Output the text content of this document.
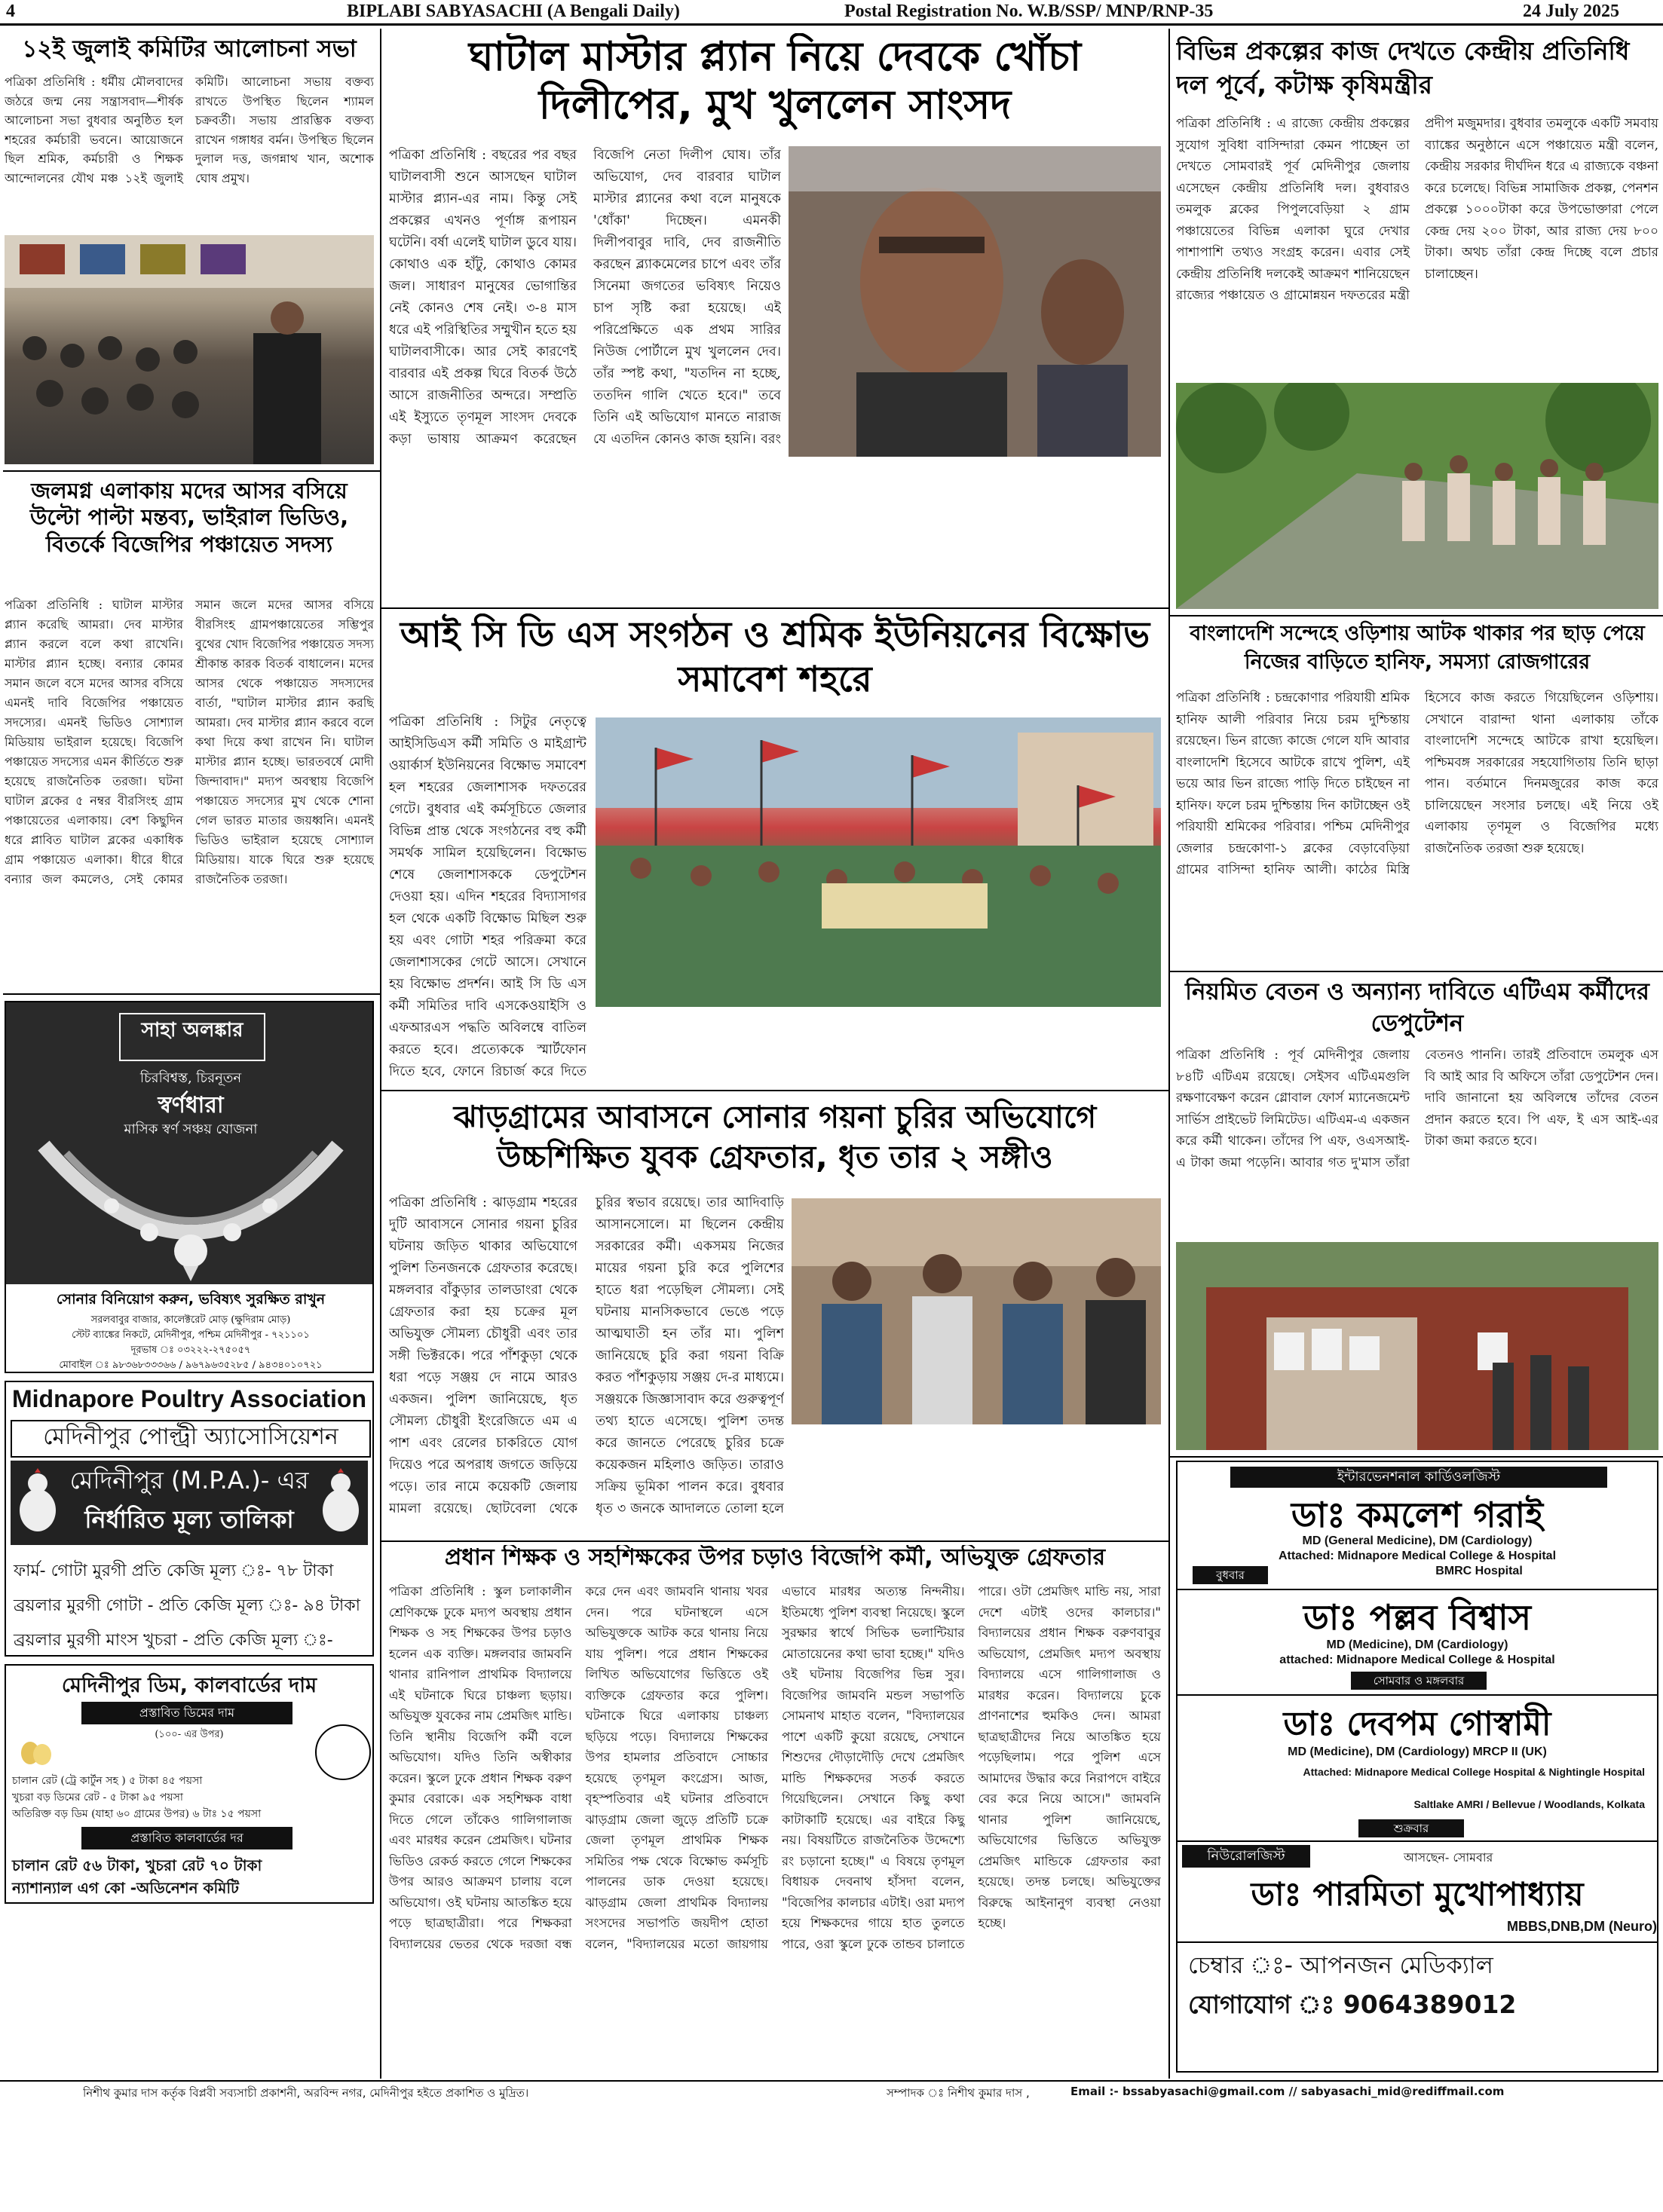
4	BIPLABI SABYASACHI (A Bengali Daily)	Postal Registration No. W.B/SSP/ MNP/RNP-35	24 July 2025
১২ই জুলাই কমিটির আলোচনা সভা
পত্রিকা প্রতিনিধি : ধর্মীয় মৌলবাদের জঠরে জন্ম নেয় সন্ত্রাসবাদ—শীর্ষক আলোচনা সভা বুধবার অনুষ্ঠিত হল শহরের কর্মচারী ভবনে। আয়োজনে ছিল শ্রমিক, কর্মচারী ও শিক্ষক আন্দোলনের যৌথ মঞ্চ ১২ই জুলাই কমিটি। আলোচনা সভায় বক্তব্য রাখতে উপস্থিত ছিলেন শ্যামল চক্রবর্তী। সভায় প্রারম্ভিক বক্তব্য রাখেন গঙ্গাধর বর্মন। উপস্থিত ছিলেন দুলাল দত্ত, জগন্নাথ খান, অশোক ঘোষ প্রমুখ।
জলমগ্ন এলাকায় মদের আসর বসিয়ে উল্টো পাল্টা মন্তব্য, ভাইরাল ভিডিও, বিতর্কে বিজেপির পঞ্চায়েত সদস্য
পত্রিকা প্রতিনিধি : ঘাটাল মাস্টার প্ল্যান করেছি আমরা। দেব মাস্টার প্ল্যান করলে বলে কথা রাখেনি। মাস্টার প্ল্যান হচ্ছে। বন্যার কোমর সমান জলে বসে মদের আসর বসিয়ে এমনই দাবি বিজেপির পঞ্চায়েত সদস্যের। এমনই ভিডিও সোশ্যাল মিডিয়ায় ভাইরাল হয়েছে। বিজেপি পঞ্চায়েত সদস্যের এমন কীর্তিতে শুরু হয়েছে রাজনৈতিক তরজা। ঘটনা ঘাটাল ব্লকের ৫ নম্বর বীরসিংহ গ্রাম পঞ্চায়েতের এলাকায়। বেশ কিছুদিন ধরে প্লাবিত ঘাটাল ব্লকের একাধিক গ্রাম পঞ্চায়েত এলাকা। ধীরে ধীরে বন্যার জল কমলেও, সেই কোমর সমান জলে মদের আসর বসিয়ে বীরসিংহ গ্রামপঞ্চায়েতের সম্ভিপুর বুথের খোদ বিজেপির পঞ্চায়েত সদস্য শ্রীকান্ত কারক বিতর্ক বাধালেন। মদের আসর থেকে পঞ্চায়েত সদস্যদের বার্তা, "ঘাটাল মাস্টার প্ল্যান করছি আমরা। দেব মাস্টার প্ল্যান করবে বলে কথা দিয়ে কথা রাখেন নি। ঘাটাল মাস্টার প্ল্যান হচ্ছে। ভারতবর্ষে মোদী জিন্দাবাদ।" মদ্যপ অবস্থায় বিজেপি পঞ্চায়েত সদস্যের মুখ থেকে শোনা গেল ভারত মাতার জয়ধ্বনি। এমনই ভিডিও ভাইরাল হয়েছে সোশ্যাল মিডিয়ায়। যাকে ঘিরে শুরু হয়েছে রাজনৈতিক তরজা।
সাহা অলঙ্কার
চিরবিশ্বস্ত, চিরনূতন
স্বর্ণধারা
মাসিক স্বর্ণ সঞ্চয় যোজনা
সোনার বিনিয়োগ করুন, ভবিষ্যৎ সুরক্ষিত রাখুন
সরলবাবুর বাজার, কালেক্টরেট মোড় (ক্ষুদিরাম মোড়)
স্টেট ব্যাঙ্কের নিকটে, মেদিনীপুর, পশ্চিম মেদিনীপুর - ৭২১১০১
দূরভাষ ঃ ০৩২২২-২৭৫০৫৭
মোবাইল ঃ ৯৮৩৬৮৩৩৩৬৬ / ৯৬৭৯৬৩৫২৮৫ / ৯৪৩৪০১০৭২১
Midnapore Poultry Association
মেদিনীপুর পোল্ট্রী অ্যাসোসিয়েশন
মেদিনীপুর (M.P.A.)- এর
নির্ধারিত মূল্য তালিকা
ফার্ম- গোটা মুরগী প্রতি কেজি মূল্য ঃ- ৭৮ টাকা
ব্রয়লার মুরগী গোটা - প্রতি কেজি মূল্য ঃ- ৯৪ টাকা
ব্রয়লার মুরগী মাংস খুচরা - প্রতি কেজি মূল্য ঃ-
মেদিনীপুর ডিম, কালবার্ডের দাম
প্রস্তাবিত ডিমের দাম
(১০০- এর উপর)
চালান রেট (ট্রে কার্টুন সহ ) ৫ টাকা ৪৫ পয়সা
খুচরা বড় ডিমের রেট - ৫ টাকা ৯৫ পয়সা
অতিরিক্ত বড় ডিম (যাহা ৬০ গ্রামের উপর) ৬ টাঃ ১৫ পয়সা
প্রস্তাবিত কালবার্ডের দর
চালান রেট ৫৬ টাকা, খুচরা রেট ৭০ টাকা
ন্যাশান্যাল এগ কো -অডিনেশন কমিটি
ঘাটাল মাস্টার প্ল্যান নিয়ে দেবকে খোঁচা দিলীপের, মুখ খুললেন সাংসদ
পত্রিকা প্রতিনিধি : বছরের পর বছর ঘাটালবাসী শুনে আসছেন ঘাটাল মাস্টার প্ল্যান-এর নাম। কিন্তু সেই প্রকল্পের এখনও পূর্ণাঙ্গ রূপায়ন ঘটেনি। বর্ষা এলেই ঘাটাল ডুবে যায়। কোথাও এক হাঁটু, কোথাও কোমর জল। সাধারণ মানুষের ভোগান্তির নেই কোনও শেষ নেই। ৩-৪ মাস ধরে এই পরিস্থিতির সম্মুখীন হতে হয় ঘাটালবাসীকে। আর সেই কারণেই বারবার এই প্রকল্প ঘিরে বিতর্ক উঠে আসে রাজনীতির অন্দরে। সম্প্রতি এই ইস্যুতে তৃণমূল সাংসদ দেবকে কড়া ভাষায় আক্রমণ করেছেন বিজেপি নেতা দিলীপ ঘোষ। তাঁর অভিযোগ, দেব বারবার ঘাটাল মাস্টার প্ল্যানের কথা বলে মানুষকে 'ধোঁকা' দিচ্ছেন। এমনকী দিলীপবাবুর দাবি, দেব রাজনীতি করছেন ব্ল্যাকমেলের চাপে এবং তাঁর সিনেমা জগতের ভবিষ্যৎ নিয়েও চাপ সৃষ্টি করা হয়েছে। এই পরিপ্রেক্ষিতে এক প্রথম সারির নিউজ পোর্টালে মুখ খুললেন দেব। তাঁর স্পষ্ট কথা, "যতদিন না হচ্ছে, ততদিন গালি খেতে হবে।" তবে তিনি এই অভিযোগ মানতে নারাজ যে এতদিন কোনও কাজ হয়নি। বরং
আই সি ডি এস সংগঠন ও শ্রমিক ইউনিয়নের বিক্ষোভ সমাবেশ শহরে
পত্রিকা প্রতিনিধি : সিটুর নেতৃত্বে আইসিডিএস কর্মী সমিতি ও মাইগ্রান্ট ওয়ার্কার্স ইউনিয়নের বিক্ষোভ সমাবেশ হল শহরের জেলাশাসক দফতরের গেটে। বুধবার এই কর্মসূচিতে জেলার বিভিন্ন প্রান্ত থেকে সংগঠনের বহু কর্মী সমর্থক সামিল হয়েছিলেন। বিক্ষোভ শেষে জেলাশাসককে ডেপুটেশন দেওয়া হয়। এদিন শহরের বিদ্যাসাগর হল থেকে একটি বিক্ষোভ মিছিল শুরু হয় এবং গোটা শহর পরিক্রমা করে জেলাশাসকের গেটে আসে। সেখানে হয় বিক্ষোভ প্রদর্শন। আই সি ডি এস কর্মী সমিতির দাবি এসকেওয়াইসি ও এফআরএস পদ্ধতি অবিলম্বে বাতিল করতে হবে। প্রত্যেককে স্মার্টফোন দিতে হবে, ফোনে রিচার্জ করে দিতে
ঝাড়গ্রামের আবাসনে সোনার গয়না চুরির অভিযোগে উচ্চশিক্ষিত যুবক গ্রেফতার, ধৃত তার ২ সঙ্গীও
পত্রিকা প্রতিনিধি : ঝাড়গ্রাম শহরের দুটি আবাসনে সোনার গয়না চুরির ঘটনায় জড়িত থাকার অভিযোগে পুলিশ তিনজনকে গ্রেফতার করেছে। মঙ্গলবার বাঁকুড়ার তালডাংরা থেকে গ্রেফতার করা হয় চক্রের মূল অভিযুক্ত সৌমল্য চৌধুরী এবং তার সঙ্গী ভিক্টরকে। পরে পাঁশকুড়া থেকে ধরা পড়ে সঞ্জয় দে নামে আরও একজন। পুলিশ জানিয়েছে, ধৃত সৌমল্য চৌধুরী ইংরেজিতে এম এ পাশ এবং রেলের চাকরিতে যোগ দিয়েও পরে অপরাধ জগতে জড়িয়ে পড়ে। তার নামে কয়েকটি জেলায় মামলা রয়েছে। ছোটবেলা থেকে চুরির স্বভাব রয়েছে। তার আদিবাড়ি আসানসোলে। মা ছিলেন কেন্দ্রীয় সরকারের কর্মী। একসময় নিজের মায়ের গয়না চুরি করে পুলিশের হাতে ধরা পড়েছিল সৌমল্য। সেই ঘটনায় মানসিকভাবে ভেঙে পড়ে আত্মঘাতী হন তাঁর মা। পুলিশ জানিয়েছে চুরি করা গয়না বিক্রি করত পাঁশকুড়ায় সঞ্জয় দে-র মাধ্যমে। সঞ্জয়কে জিজ্ঞাসাবাদ করে গুরুত্বপূর্ণ তথ্য হাতে এসেছে। পুলিশ তদন্ত করে জানতে পেরেছে চুরির চক্রে কয়েকজন মহিলাও জড়িত। তারাও সক্রিয় ভূমিকা পালন করে। বুধবার ধৃত ৩ জনকে আদালতে তোলা হলে
প্রধান শিক্ষক ও সহশিক্ষকের উপর চড়াও বিজেপি কর্মী, অভিযুক্ত গ্রেফতার
পত্রিকা প্রতিনিধি : স্কুল চলাকালীন শ্রেণিকক্ষে ঢুকে মদ্যপ অবস্থায় প্রধান শিক্ষক ও সহ শিক্ষকের উপর চড়াও হলেন এক ব্যক্তি। মঙ্গলবার জামবনি থানার রানিপাল প্রাথমিক বিদ্যালয়ে এই ঘটনাকে ঘিরে চাঞ্চল্য ছড়ায়। অভিযুক্ত যুবকের নাম প্রেমজিৎ মান্ডি। তিনি স্থানীয় বিজেপি কর্মী বলে অভিযোগ। যদিও তিনি অস্বীকার করেন। স্কুলে ঢুকে প্রধান শিক্ষক বরুণ কুমার বেরাকে। এক সহশিক্ষক বাধা দিতে গেলে তাঁকেও গালিগালাজ এবং মারধর করেন প্রেমজিৎ। ঘটনার ভিডিও রেকর্ড করতে গেলে শিক্ষকের উপর আরও আক্রমণ চালায় বলে অভিযোগ। ওই ঘটনায় আতঙ্কিত হয়ে পড়ে ছাত্রছাত্রীরা। পরে শিক্ষকরা বিদ্যালয়ের ভেতর থেকে দরজা বন্ধ করে দেন এবং জামবনি থানায় খবর দেন। পরে ঘটনাস্থলে এসে অভিযুক্তকে আটক করে থানায় নিয়ে যায় পুলিশ। পরে প্রধান শিক্ষকের লিখিত অভিযোগের ভিত্তিতে ওই ব্যক্তিকে গ্রেফতার করে পুলিশ। ঘটনাকে ঘিরে এলাকায় চাঞ্চল্য ছড়িয়ে পড়ে। বিদ্যালয়ে শিক্ষকের উপর হামলার প্রতিবাদে সোচ্চার হয়েছে তৃণমূল কংগ্রেস। আজ, বৃহস্পতিবার এই ঘটনার প্রতিবাদে ঝাড়গ্রাম জেলা জুড়ে প্রতিটি চক্রে জেলা তৃণমূল প্রাথমিক শিক্ষক সমিতির পক্ষ থেকে বিক্ষোভ কর্মসূচি পালনের ডাক দেওয়া হয়েছে। ঝাড়গ্রাম জেলা প্রাথমিক বিদ্যালয় সংসদের সভাপতি জয়দীপ হোতা বলেন, "বিদ্যালয়ের মতো জায়গায় এভাবে মারধর অত্যন্ত নিন্দনীয়। ইতিমধ্যে পুলিশ ব্যবস্থা নিয়েছে। স্কুলে সুরক্ষার স্বার্থে সিভিক ভলান্টিয়ার মোতায়েনের কথা ভাবা হচ্ছে।" যদিও ওই ঘটনায় বিজেপির ভিন্ন সুর। বিজেপির জামবনি মন্ডল সভাপতি সোমনাথ মাহাত বলেন, "বিদ্যালয়ের পাশে একটি কুয়ো রয়েছে, সেখানে শিশুদের দৌড়াদৌড়ি দেখে প্রেমজিৎ মান্ডি শিক্ষকদের সতর্ক করতে গিয়েছিলেন। সেখানে কিছু কথা কাটাকাটি হয়েছে। এর বাইরে কিছু নয়। বিষয়টিতে রাজনৈতিক উদ্দেশ্যে রং চড়ানো হচ্ছে।" এ বিষয়ে তৃণমূল বিধায়ক দেবনাথ হাঁসদা বলেন, "বিজেপির কালচার এটাই। ওরা মদ্যপ হয়ে শিক্ষকদের গায়ে হাত তুলতে পারে, ওরা স্কুলে ঢুকে তান্ডব চালাতে পারে। ওটা প্রেমজিৎ মান্ডি নয়, সারা দেশে এটাই ওদের কালচার।" বিদ্যালয়ের প্রধান শিক্ষক বরুণবাবুর অভিযোগ, প্রেমজিৎ মদ্যপ অবস্থায় বিদ্যালয়ে এসে গালিগালাজ ও মারধর করেন। বিদ্যালয়ে চুকে প্রাণনাশের হুমকিও দেন। আমরা ছাত্রছাত্রীদের নিয়ে আতঙ্কিত হয়ে পড়েছিলাম। পরে পুলিশ এসে আমাদের উদ্ধার করে নিরাপদে বাইরে বের করে নিয়ে আসে।" জামবনি থানার পুলিশ জানিয়েছে, অভিযোগের ভিত্তিতে অভিযুক্ত প্রেমজিৎ মান্ডিকে গ্রেফতার করা হয়েছে। তদন্ত চলছে। অভিযুক্তের বিরুদ্ধে আইনানুগ ব্যবস্থা নেওয়া হচ্ছে।
বিভিন্ন প্রকল্পের কাজ দেখতে কেন্দ্রীয় প্রতিনিধি দল পূর্বে, কটাক্ষ কৃষিমন্ত্রীর
পত্রিকা প্রতিনিধি : এ রাজ্যে কেন্দ্রীয় প্রকল্পের সুযোগ সুবিধা বাসিন্দারা কেমন পাচ্ছেন তা দেখতে সোমবারই পূর্ব মেদিনীপুর জেলায় এসেছেন কেন্দ্রীয় প্রতিনিধি দল। বুধবারও তমলুক ব্লকের পিপুলবেড়িয়া ২ গ্রাম পঞ্চায়েতের বিভিন্ন এলাকা ঘুরে দেখার পাশাপাশি তথ্যও সংগ্রহ করেন। এবার সেই কেন্দ্রীয় প্রতিনিধি দলকেই আক্রমণ শানিয়েছেন রাজ্যের পঞ্চায়েত ও গ্রামোন্নয়ন দফতরের মন্ত্রী প্রদীপ মজুমদার। বুধবার তমলুকে একটি সমবায় ব্যাঙ্কের অনুষ্ঠানে এসে পঞ্চায়েত মন্ত্রী বলেন, কেন্দ্রীয় সরকার দীর্ঘদিন ধরে এ রাজ্যকে বঞ্চনা করে চলেছে। বিভিন্ন সামাজিক প্রকল্প, পেনশন প্রকল্পে ১০০০টাকা করে উপভোক্তারা পেলে কেন্দ্র দেয় ২০০ টাকা, আর রাজ্য দেয় ৮০০ টাকা। অথচ তাঁরা কেন্দ্র দিচ্ছে বলে প্রচার চালাচ্ছেন।
বাংলাদেশি সন্দেহে ওড়িশায় আটক থাকার পর ছাড় পেয়ে নিজের বাড়িতে হানিফ, সমস্যা রোজগারের
পত্রিকা প্রতিনিধি : চন্দ্রকোণার পরিযায়ী শ্রমিক হানিফ আলী পরিবার নিয়ে চরম দুশ্চিন্তায় রয়েছেন। ভিন রাজ্যে কাজে গেলে যদি আবার বাংলাদেশি হিসেবে আটকে রাখে পুলিশ, এই ভয়ে আর ভিন রাজ্যে পাড়ি দিতে চাইছেন না হানিফ। ফলে চরম দুশ্চিন্তায় দিন কাটাচ্ছেন ওই পরিযায়ী শ্রমিকের পরিবার। পশ্চিম মেদিনীপুর জেলার চন্দ্রকোণা-১ ব্লকের বেড়াবেড়িয়া গ্রামের বাসিন্দা হানিফ আলী। কাঠের মিস্ত্রি হিসেবে কাজ করতে গিয়েছিলেন ওড়িশায়। সেখানে বারান্দা থানা এলাকায় তাঁকে বাংলাদেশি সন্দেহে আটকে রাখা হয়েছিল। পশ্চিমবঙ্গ সরকারের সহযোগিতায় তিনি ছাড়া পান। বর্তমানে দিনমজুরের কাজ করে চালিয়েছেন সংসার চলছে। এই নিয়ে ওই এলাকায় তৃণমূল ও বিজেপির মধ্যে রাজনৈতিক তরজা শুরু হয়েছে।
নিয়মিত বেতন ও অন্যান্য দাবিতে এটিএম কর্মীদের ডেপুটেশন
পত্রিকা প্রতিনিধি : পূর্ব মেদিনীপুর জেলায় ৮৪টি এটিএম রয়েছে। সেইসব এটিএমগুলি রক্ষণাবেক্ষণ করেন গ্লোবাল ফোর্স ম্যানেজমেন্ট সার্ভিস প্রাইভেট লিমিটেড। এটিএম-এ একজন করে কর্মী থাকেন। তাঁদের পি এফ, ওএসআই-এ টাকা জমা পড়েনি। আবার গত দু'মাস তাঁরা বেতনও পাননি। তারই প্রতিবাদে তমলুক এস বি আই আর বি অফিসে তাঁরা ডেপুটেশন দেন। দাবি জানানো হয় অবিলম্বে তাঁদের বেতন প্রদান করতে হবে। পি এফ, ই এস আই-এর টাকা জমা করতে হবে।
ইন্টারভেনশনাল কার্ডিওলজিস্ট
ডাঃ কমলেশ গরাই
MD (General Medicine), DM (Cardiology)
Attached: Midnapore Medical College & Hospital
BMRC Hospital
বুধবার
ডাঃ পল্লব বিশ্বাস
MD (Medicine), DM (Cardiology)
attached: Midnapore Medical College & Hospital
সোমবার ও মঙ্গলবার
ডাঃ দেবপম গোস্বামী
MD (Medicine), DM (Cardiology) MRCP II (UK)
Attached: Midnapore Medical College Hospital & Nightingle Hospital
Saltlake AMRI / Bellevue / Woodlands, Kolkata
শুক্রবার
নিউরোলজিস্ট	আসছেন- সোমবার
ডাঃ পারমিতা মুখোপাধ্যায়
MBBS,DNB,DM (Neuro)
চেম্বার ঃ- আপনজন মেডিক্যাল
যোগাযোগ ঃ 9064389012
নিশীথ কুমার দাস কর্তৃক বিপ্লবী সব্যসাচী প্রকাশনী, অরবিন্দ নগর, মেদিনীপুর হইতে প্রকাশিত ও মুদ্রিত।	সম্পাদক ঃ নিশীথ কুমার দাস ,	Email :- bssabyasachi@gmail.com // sabyasachi_mid@rediffmail.com
